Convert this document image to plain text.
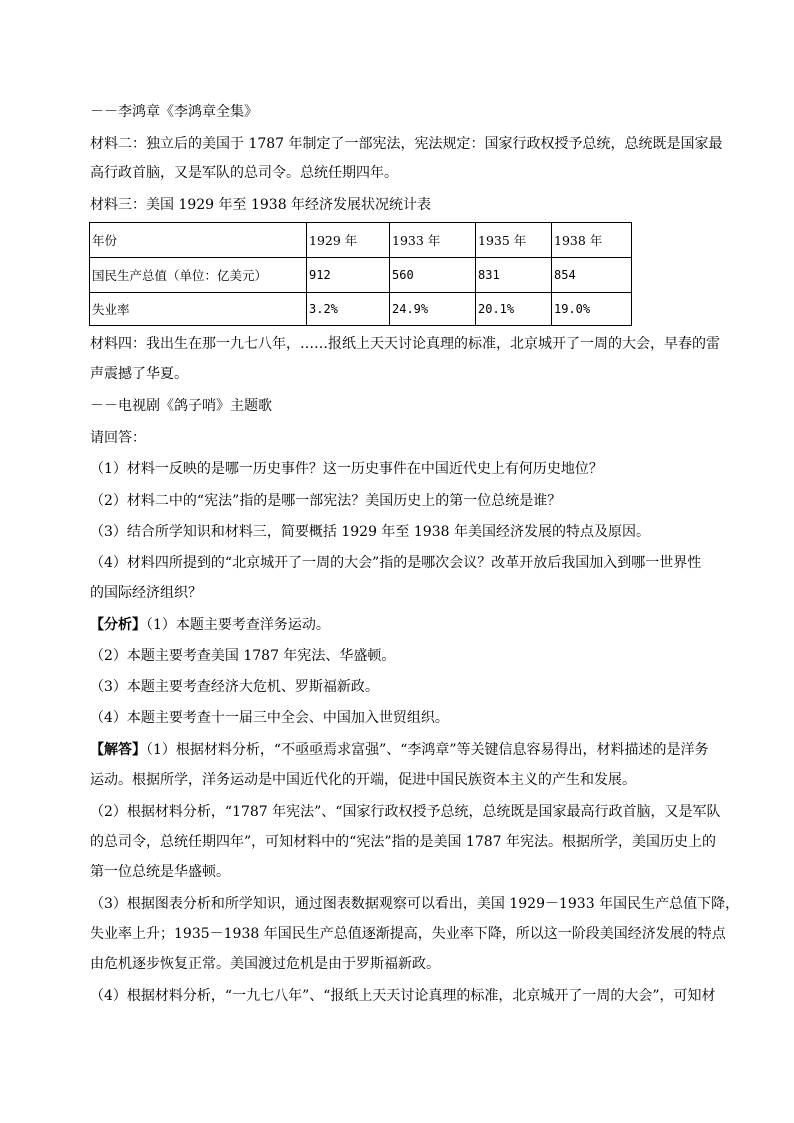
－－李鸿章《李鸿章全集》
材料二：独立后的美国于 1787 年制定了一部宪法，宪法规定：国家行政权授予总统，总统既是国家最
高行政首脑，又是军队的总司令。总统任期四年。
材料三：美国 1929 年至 1938 年经济发展状况统计表
年份	1929 年	1933 年	1935 年	1938 年
国民生产总值（单位：亿美元）	912	560	831	854
失业率	3.2%	24.9%	20.1%	19.0%
材料四：我出生在那一九七八年，……报纸上天天讨论真理的标准，北京城开了一周的大会，早春的雷
声震撼了华夏。
－－电视剧《鸽子哨》主题歌
请回答：
（1）材料一反映的是哪一历史事件？这一历史事件在中国近代史上有何历史地位？
（2）材料二中的“宪法”指的是哪一部宪法？美国历史上的第一位总统是谁？
（3）结合所学知识和材料三，简要概括 1929 年至 1938 年美国经济发展的特点及原因。
（4）材料四所提到的“北京城开了一周的大会”指的是哪次会议？改革开放后我国加入到哪一世界性
的国际经济组织？
【分析】（1）本题主要考查洋务运动。
（2）本题主要考查美国 1787 年宪法、华盛顿。
（3）本题主要考查经济大危机、罗斯福新政。
（4）本题主要考查十一届三中全会、中国加入世贸组织。
【解答】（1）根据材料分析，“不亟亟焉求富强”、“李鸿章”等关键信息容易得出，材料描述的是洋务
运动。根据所学，洋务运动是中国近代化的开端，促进中国民族资本主义的产生和发展。
（2）根据材料分析，“1787 年宪法”、“国家行政权授予总统，总统既是国家最高行政首脑，又是军队
的总司令，总统任期四年”，可知材料中的“宪法”指的是美国 1787 年宪法。根据所学，美国历史上的
第一位总统是华盛顿。
（3）根据图表分析和所学知识，通过图表数据观察可以看出，美国 1929－1933 年国民生产总值下降，
失业率上升；1935－1938 年国民生产总值逐渐提高，失业率下降，所以这一阶段美国经济发展的特点
由危机逐步恢复正常。美国渡过危机是由于罗斯福新政。
（4）根据材料分析，“一九七八年”、“报纸上天天讨论真理的标准，北京城开了一周的大会”，可知材
